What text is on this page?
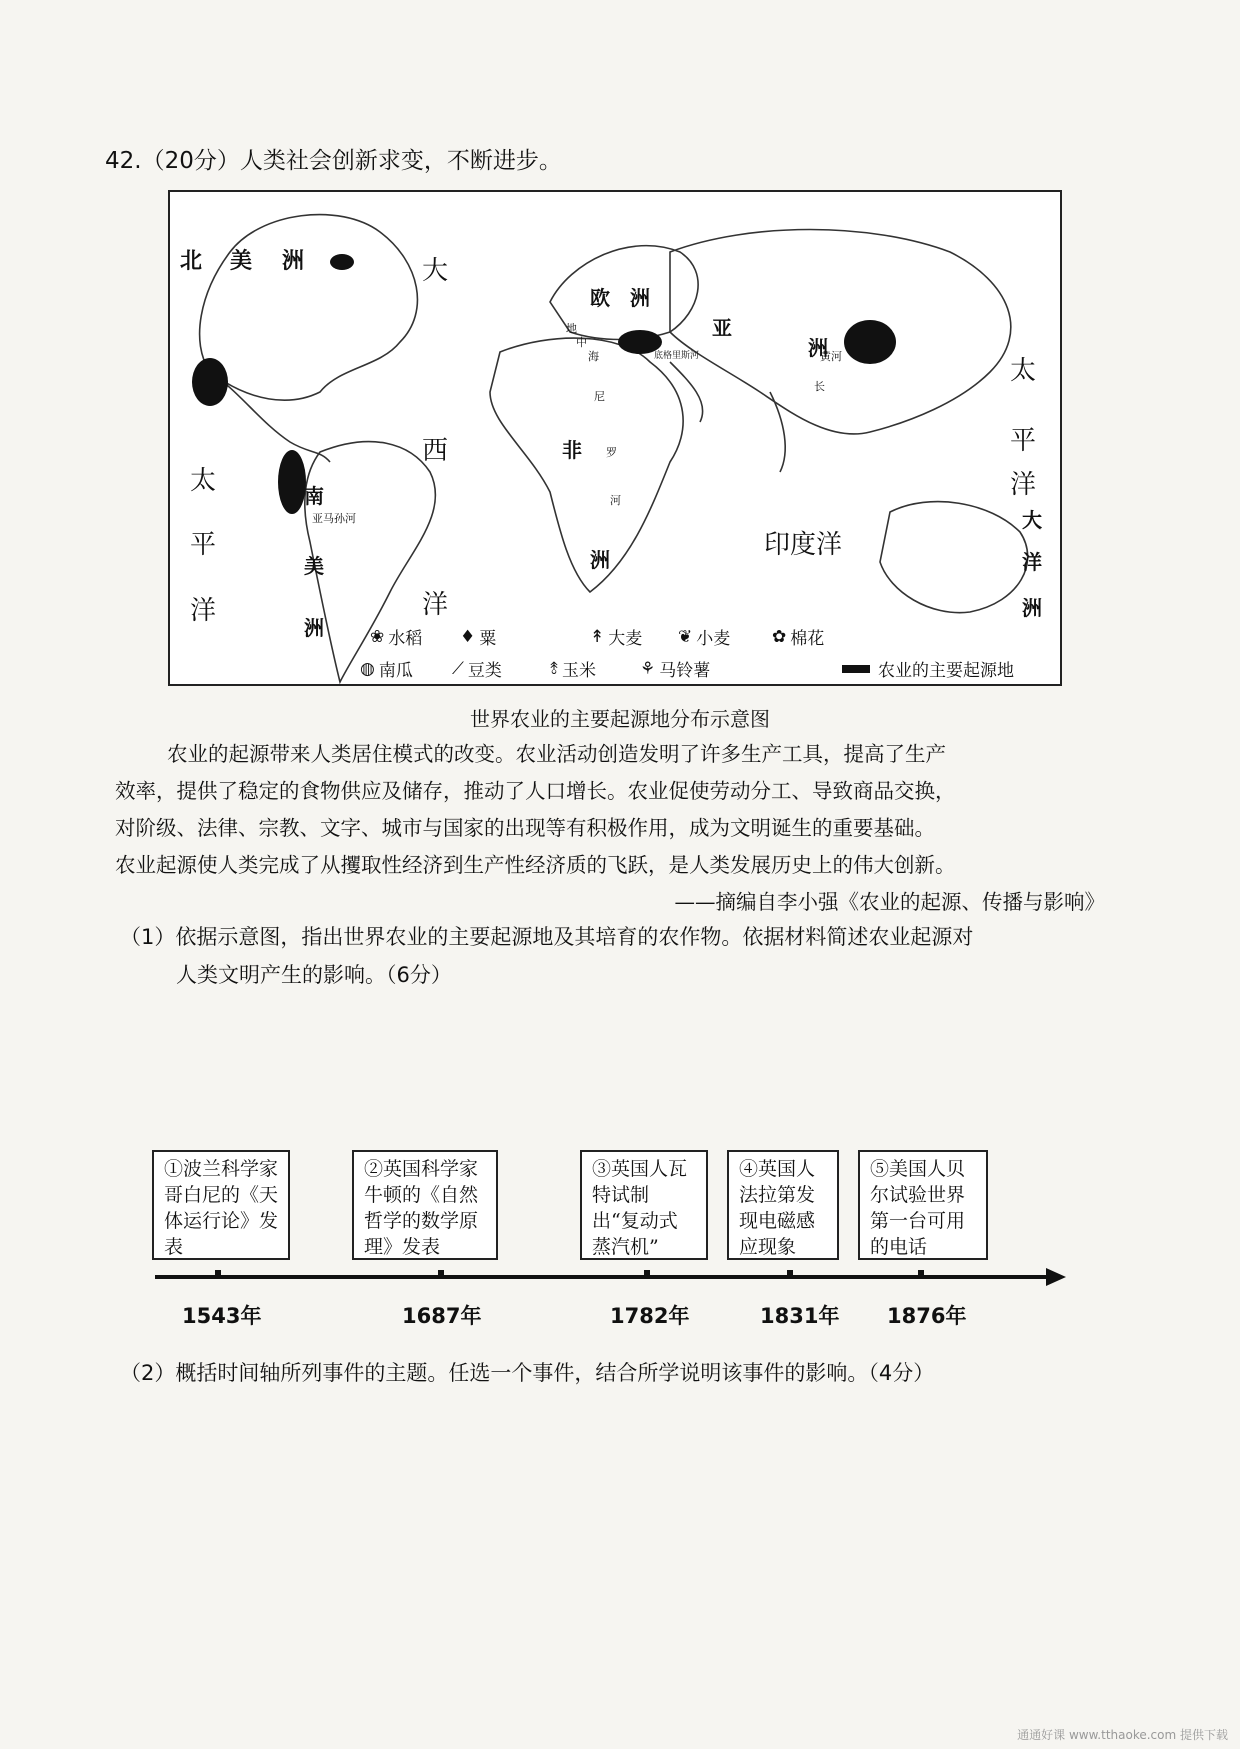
42.（20分）人类社会创新求变，不断进步。
北 美 洲	大
西
洋
欧 洲
亚
洲
太
平
洋
南
美
洲
亚马孙河
非
洲
尼
罗
河
地
中
海	底格里斯河
长
黄河
印度洋
太
平
洋
大
洋
洲
❀ 水稻 ♦ 粟	↟ 大麦 ❦ 小麦 ✿ 棉花
◍ 南瓜 ⟋ 豆类	⥉ 玉米	⚘ 马铃薯	农业的主要起源地
世界农业的主要起源地分布示意图

农业的起源带来人类居住模式的改变。农业活动创造发明了许多生产工具，提高了生产

效率，提供了稳定的食物供应及储存，推动了人口增长。农业促使劳动分工、导致商品交换，

对阶级、法律、宗教、文字、城市与国家的出现等有积极作用，成为文明诞生的重要基础。

农业起源使人类完成了从攫取性经济到生产性经济质的飞跃，是人类发展历史上的伟大创新。

——摘编自李小强《农业的起源、传播与影响》
（1）依据示意图，指出世界农业的主要起源地及其培育的农作物。依据材料简述农业起源对
人类文明产生的影响。（6分）
①波兰科学家哥白尼的《天体运行论》发表
②英国科学家牛顿的《自然哲学的数学原理》发表
③英国人瓦特试制出“复动式蒸汽机”
④英国人法拉第发现电磁感应现象
⑤美国人贝尔试验世界第一台可用的电话
1543年	1687年	1782年	1831年 1876年
（2）概括时间轴所列事件的主题。任选一个事件，结合所学说明该事件的影响。（4分）
通通好课 www.tthaoke.com 提供下载
